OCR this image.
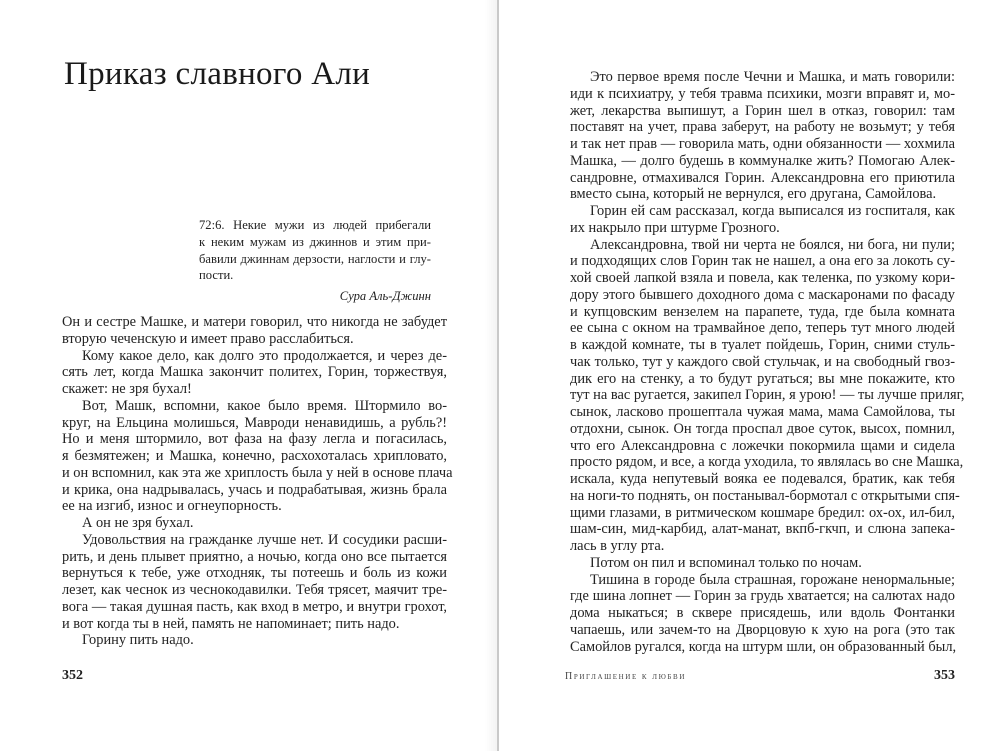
Приказ славного Али
72:6. Некие мужи из людей прибегали
к неким мужам из джиннов и этим при-
бавили джиннам дерзости, наглости и глу-
пости.
Сура Аль-Джинн
Он и сестре Машке, и матери говорил, что никогда не забудет
вторую чеченскую и имеет право расслабиться.
Кому какое дело, как долго это продолжается, и через де-
сять лет, когда Машка закончит политех, Горин, торжествуя,
скажет: не зря бухал!
Вот, Машк, вспомни, какое было время. Штормило во-
круг, на Ельцина молишься, Мавроди ненавидишь, а рубль?!
Но и меня штормило, вот фаза на фазу легла и погасилась,
я безмятежен; и Машка, конечно, расхохоталась хрипловато,
и он вспомнил, как эта же хриплость была у ней в основе плача
и крика, она надрывалась, учась и подрабатывая, жизнь брала
ее на изгиб, износ и огнеупорность.
А он не зря бухал.
Удовольствия на гражданке лучше нет. И сосудики расши-
рить, и день плывет приятно, а ночью, когда оно все пытается
вернуться к тебе, уже отходняк, ты потеешь и боль из кожи
лезет, как чеснок из чеснокодавилки. Тебя трясет, маячит тре-
вога — такая душная пасть, как вход в метро, и внутри грохот,
и вот когда ты в ней, память не напоминает; пить надо.
Горину пить надо.
352
Это первое время после Чечни и Машка, и мать говорили:
иди к психиатру, у тебя травма психики, мозги вправят и, мо-
жет, лекарства выпишут, а Горин шел в отказ, говорил: там
поставят на учет, права заберут, на работу не возьмут; у тебя
и так нет прав — говорила мать, одни обязанности — хохмила
Машка, — долго будешь в коммуналке жить? Помогаю Алек-
сандровне, отмахивался Горин. Александровна его приютила
вместо сына, который не вернулся, его другана, Самойлова.
Горин ей сам рассказал, когда выписался из госпиталя, как
их накрыло при штурме Грозного.
Александровна, твой ни черта не боялся, ни бога, ни пули;
и подходящих слов Горин так не нашел, а она его за локоть су-
хой своей лапкой взяла и повела, как теленка, по узкому кори-
дору этого бывшего доходного дома с маскаронами по фасаду
и купцовским вензелем на парапете, туда, где была комната
ее сына с окном на трамвайное депо, теперь тут много людей
в каждой комнате, ты в туалет пойдешь, Горин, сними стуль-
чак только, тут у каждого свой стульчак, и на свободный гвоз-
дик его на стенку, а то будут ругаться; вы мне покажите, кто
тут на вас ругается, закипел Горин, я урою! — ты лучше приляг,
сынок, ласково прошептала чужая мама, мама Самойлова, ты
отдохни, сынок. Он тогда проспал двое суток, высох, помнил,
что его Александровна с ложечки покормила щами и сидела
просто рядом, и все, а когда уходила, то являлась во сне Машка,
искала, куда непутевый вояка ее подевался, братик, как тебя
на ноги-то поднять, он постанывал-бормотал с открытыми спя-
щими глазами, в ритмическом кошмаре бредил: ох-ох, ил-бил,
шам-син, мид-карбид, алат-манат, вкпб-гкчп, и слюна запека-
лась в углу рта.
Потом он пил и вспоминал только по ночам.
Тишина в городе была страшная, горожане ненормальные;
где шина лопнет — Горин за грудь хватается; на салютах надо
дома ныкаться; в сквере присядешь, или вдоль Фонтанки
чапаешь, или зачем-то на Дворцовую к хую на рога (это так
Самойлов ругался, когда на штурм шли, он образованный был,
Приглашение к любви	353
